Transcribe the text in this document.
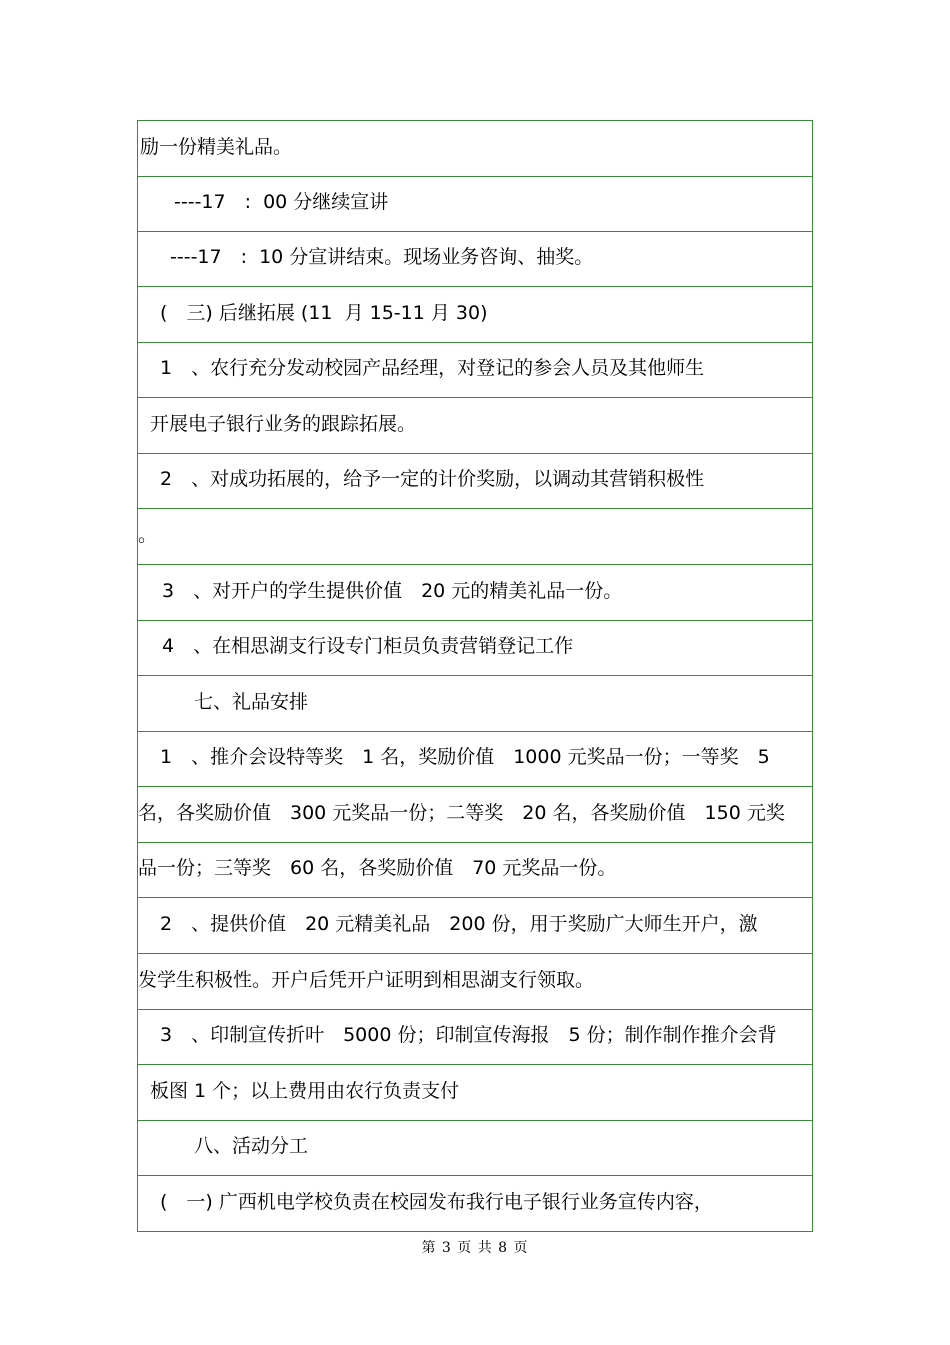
励一份精美礼品。
----17　:  00 分继续宣讲
----17　:  10 分宣讲结束。现场业务咨询、抽奖。
(　三) 后继拓展 (11  月 15-11 月 30)
1　、农行充分发动校园产品经理，对登记的参会人员及其他师生
开展电子银行业务的跟踪拓展。
2　、对成功拓展的，给予一定的计价奖励，以调动其营销积极性
。
3　、对开户的学生提供价值　20 元的精美礼品一份。
4　、在相思湖支行设专门柜员负责营销登记工作
七、礼品安排
1　、推介会设特等奖　1 名，奖励价值　1000 元奖品一份；一等奖　5
名，各奖励价值　300 元奖品一份；二等奖　20 名，各奖励价值　150 元奖
品一份；三等奖　60 名，各奖励价值　70 元奖品一份。
2　、提供价值　20 元精美礼品　200 份，用于奖励广大师生开户，激
发学生积极性。开户后凭开户证明到相思湖支行领取。
3　、印制宣传折叶　5000 份；印制宣传海报　5 份；制作制作推介会背
板图 1 个；以上费用由农行负责支付
八、活动分工
(　一) 广西机电学校负责在校园发布我行电子银行业务宣传内容，
第 3 页 共 8 页
